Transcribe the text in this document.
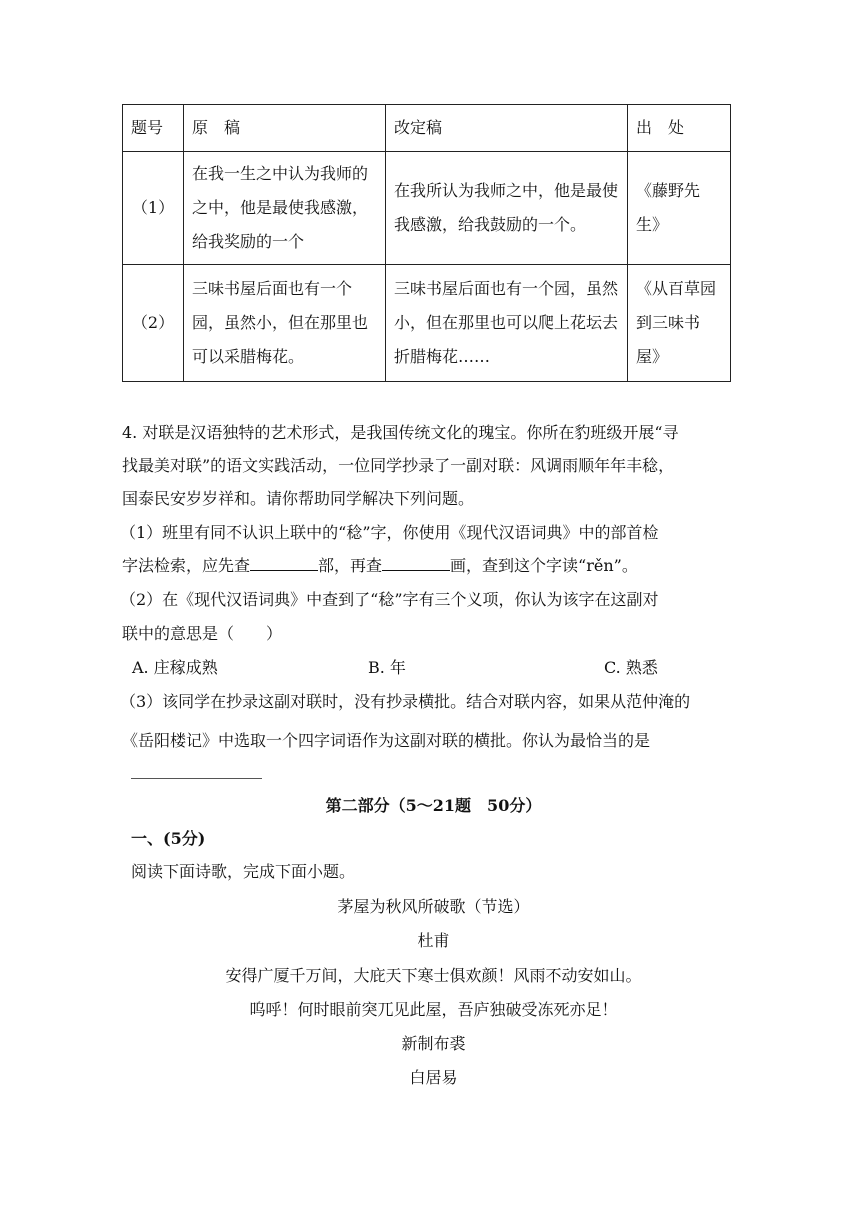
题号	原　稿	改定稿	出　处
（1）	在我一生之中认为我师的之中，他是最使我感激，给我奖励的一个	在我所认为我师之中，他是最使我感激，给我鼓励的一个。	《藤野先生》
（2）	三味书屋后面也有一个园，虽然小，但在那里也可以采腊梅花。	三味书屋后面也有一个园，虽然小，但在那里也可以爬上花坛去折腊梅花……	《从百草园到三味书屋》
4. 对联是汉语独特的艺术形式，是我国传统文化的瑰宝。你所在豹班级开展“寻
找最美对联”的语文实践活动，一位同学抄录了一副对联：风调雨顺年年丰稔，
国泰民安岁岁祥和。请你帮助同学解决下列问题。
（1）班里有同不认识上联中的“稔”字，你使用《现代汉语词典》中的部首检
字法检索，应先查	部，再查	画，查到这个字读“rěn”。
（2）在《现代汉语词典》中查到了“稔”字有三个义项，你认为该字在这副对
联中的意思是（　　）
A. 庄稼成熟	B. 年	C. 熟悉
（3）该同学在抄录这副对联时，没有抄录横批。结合对联内容，如果从范仲淹的
《岳阳楼记》中选取一个四字词语作为这副对联的横批。你认为最恰当的是
第二部分（5～21题　50分）
一、(5分)
阅读下面诗歌，完成下面小题。
茅屋为秋风所破歌（节选）
杜甫
安得广厦千万间，大庇天下寒士俱欢颜！风雨不动安如山。
呜呼！何时眼前突兀见此屋，吾庐独破受冻死亦足！
新制布裘
白居易
